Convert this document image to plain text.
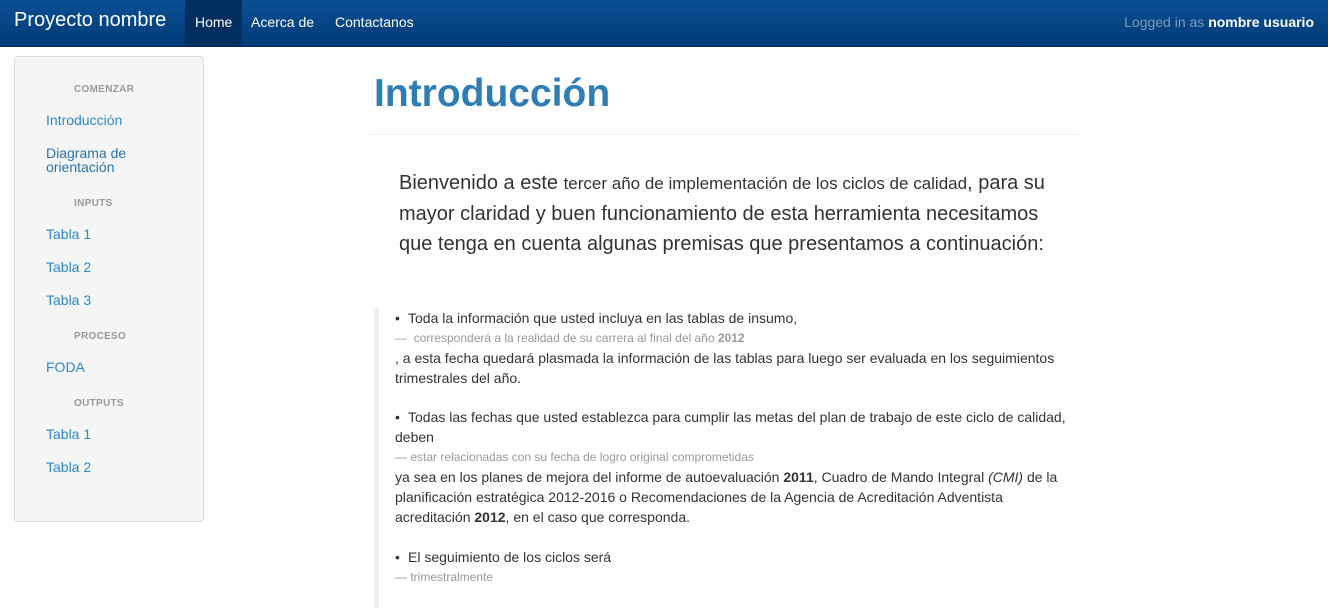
Proyecto nombre	Home	Acerca de	Contactanos	Logged in as nombre usuario
COMENZAR
Introducción
Diagrama de
orientación
INPUTS
Tabla 1
Tabla 2
Tabla 3
PROCESO
FODA
OUTPUTS
Tabla 1
Tabla 2
Introducción
Bienvenido a este tercer año de implementación de los ciclos de calidad, para su mayor claridad y buen funcionamiento de esta herramienta necesitamos que tenga en cuenta algunas premisas que presentamos a continuación:
• Toda la información que usted incluya en las tablas de insumo,
—  corresponderá a la realidad de su carrera al final del año 2012
, a esta fecha quedará plasmada la información de las tablas para luego ser evaluada en los seguimientos trimestrales del año.
• Todas las fechas que usted establezca para cumplir las metas del plan de trabajo de este ciclo de calidad, deben
— estar relacionadas con su fecha de logro original comprometidas
ya sea en los planes de mejora del informe de autoevaluación 2011, Cuadro de Mando Integral (CMI) de la planificación estratégica 2012-2016 o Recomendaciones de la Agencia de Acreditación Adventista acreditación 2012, en el caso que corresponda.
• El seguimiento de los ciclos será
— trimestralmente
